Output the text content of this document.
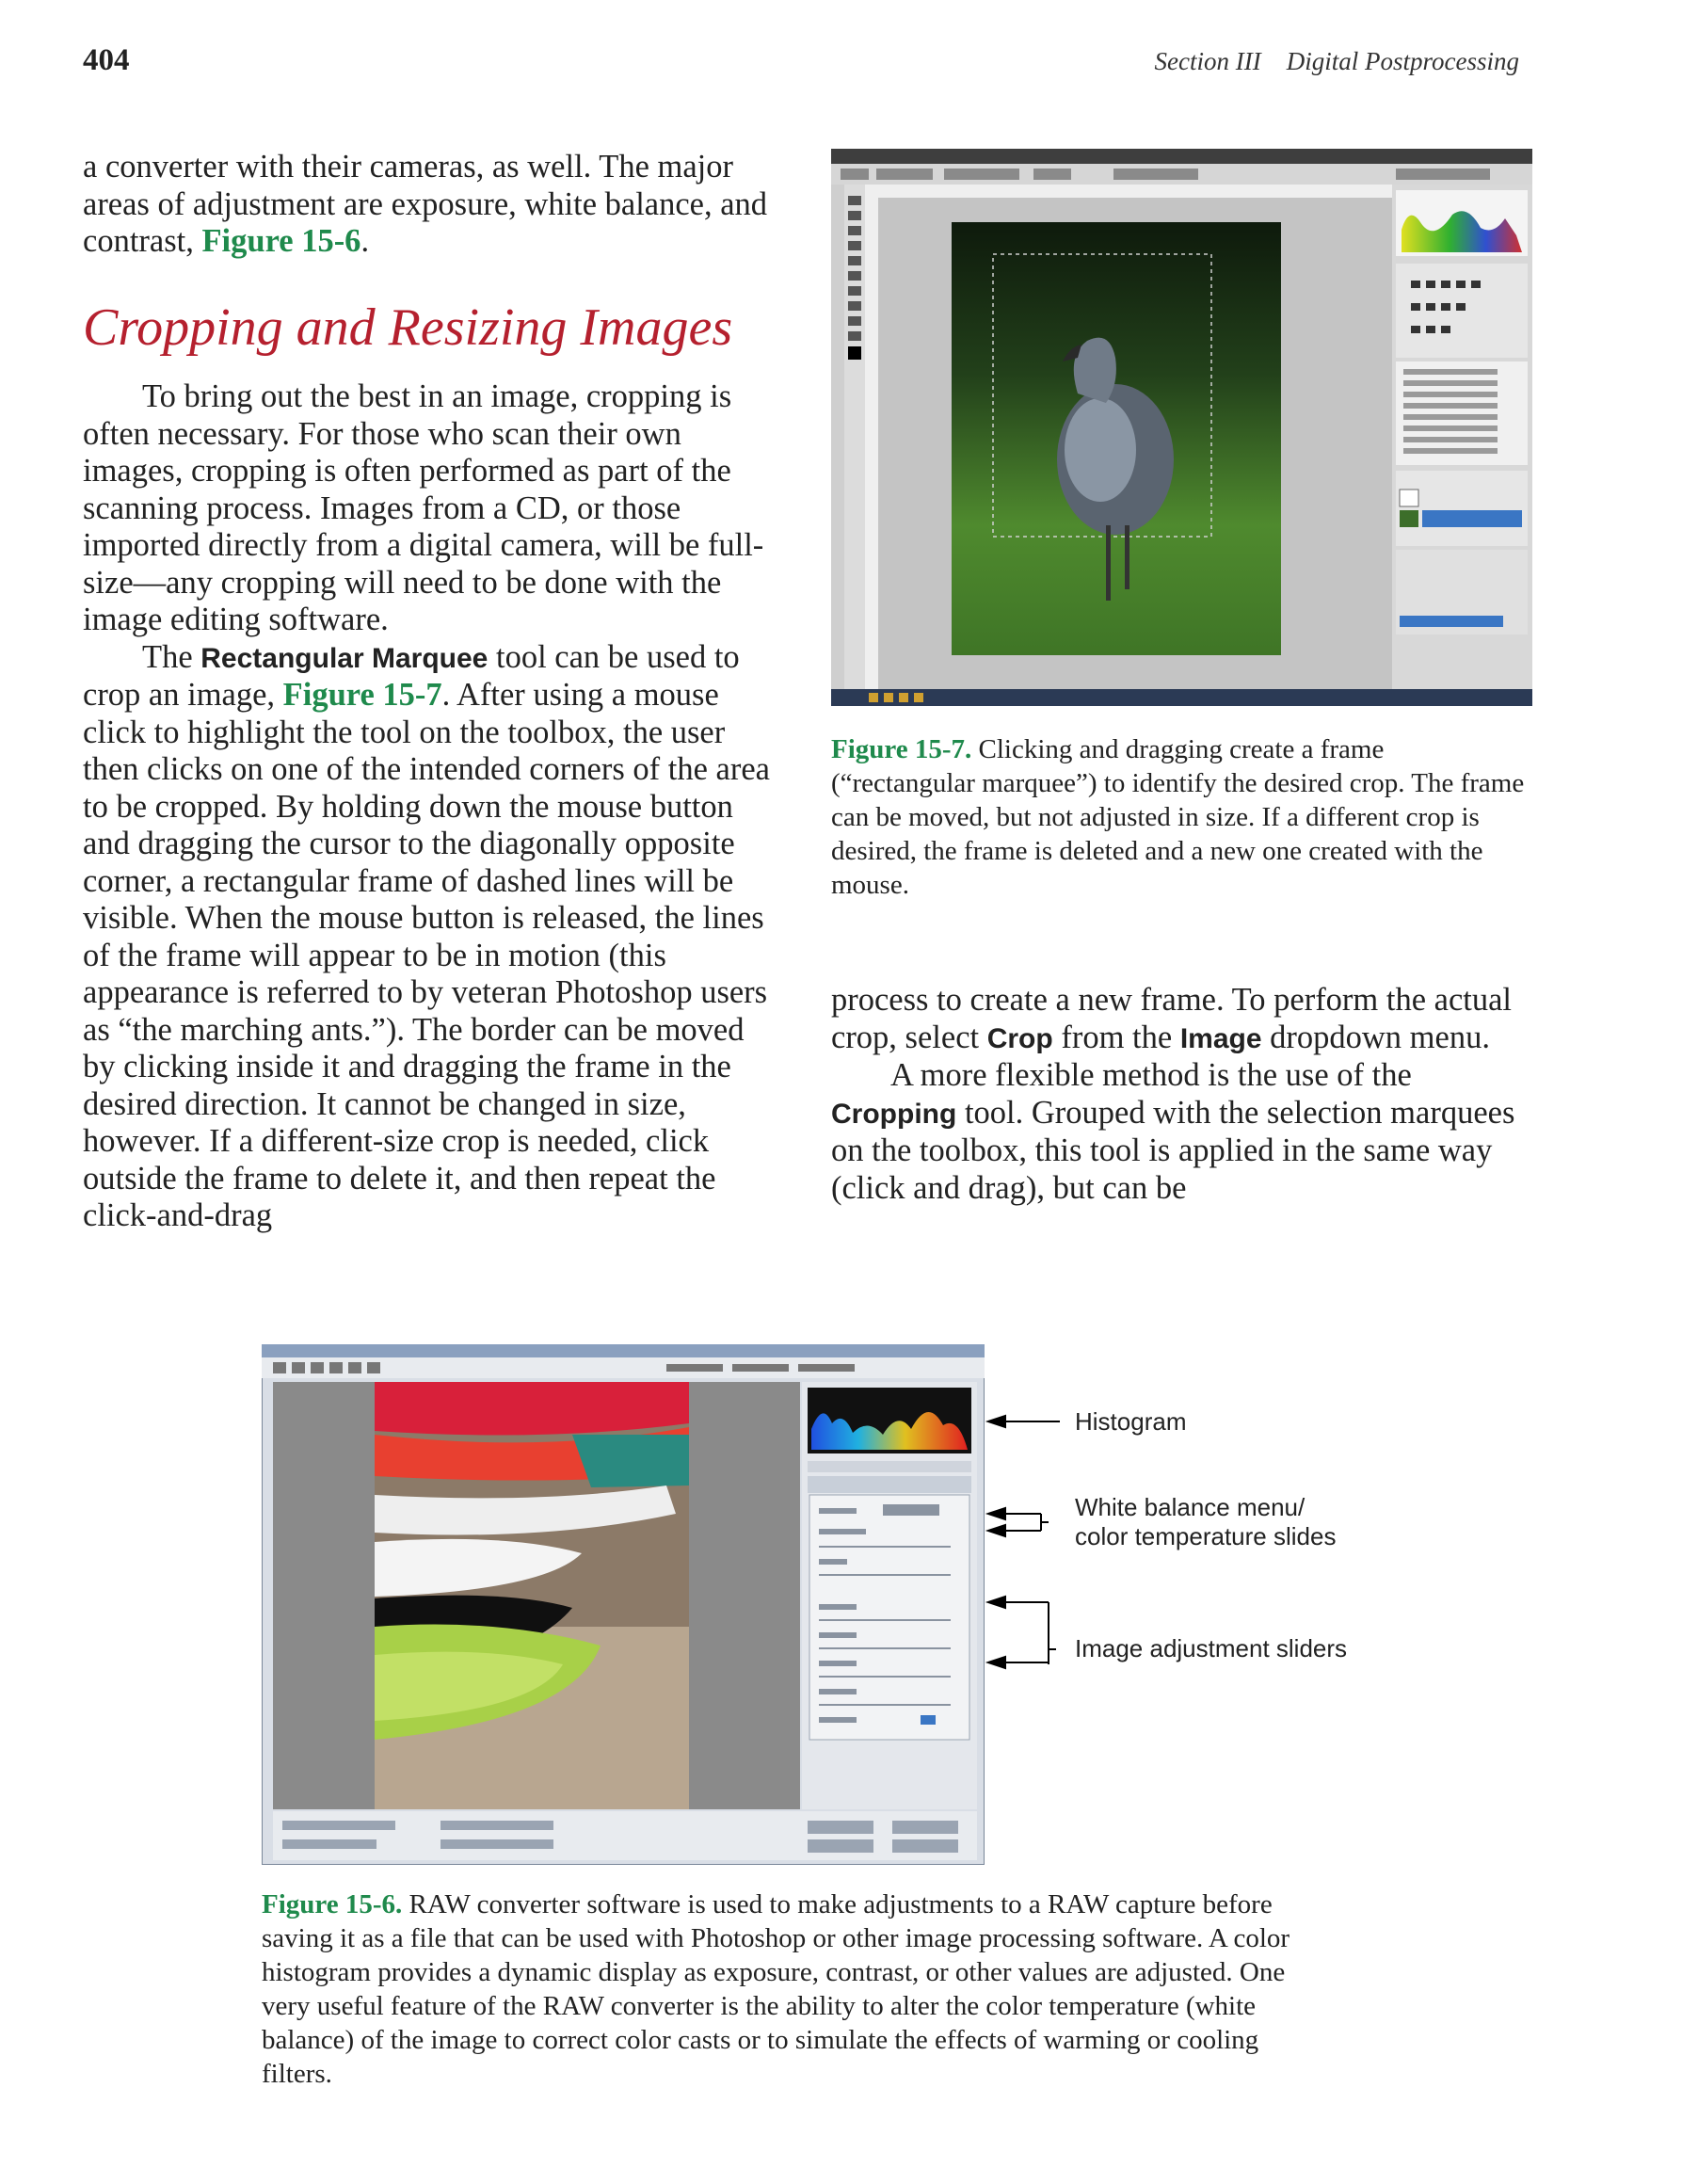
404	Section III    Digital Postprocessing
a converter with their cameras, as well. The major areas of adjustment are exposure, white balance, and contrast, Figure 15-6.
Cropping and Resizing Images

To bring out the best in an image, cropping is often necessary. For those who scan their own images, cropping is often performed as part of the scanning process. Images from a CD, or those imported directly from a digital camera, will be full-size—any cropping will need to be done with the image editing software.

The Rectangular Marquee tool can be used to crop an image, Figure 15-7. After using a mouse click to highlight the tool on the toolbox, the user then clicks on one of the intended corners of the area to be cropped. By holding down the mouse button and dragging the cursor to the diagonally opposite corner, a rectangular frame of dashed lines will be visible. When the mouse button is released, the lines of the frame will appear to be in motion (this appearance is referred to by veteran Photoshop users as “the marching ants.”). The border can be moved by clicking inside it and dragging the frame in the desired direction. It cannot be changed in size, however. If a different-size crop is needed, click outside the frame to delete it, and then repeat the click-and-drag

Figure 15-7. Clicking and dragging create a frame (“rectangular marquee”) to identify the desired crop. The frame can be moved, but not adjusted in size. If a different crop is desired, the frame is deleted and a new one created with the mouse.

process to create a new frame. To perform the actual crop, select Crop from the Image dropdown menu.

A more flexible method is the use of the Cropping tool. Grouped with the selection marquees on the toolbox, this tool is applied in the same way (click and drag), but can be

Histogram
White balance menu/
color temperature slides
Image adjustment sliders
Figure 15-6. RAW converter software is used to make adjustments to a RAW capture before saving it as a file that can be used with Photoshop or other image processing software. A color histogram provides a dynamic display as exposure, contrast, or other values are adjusted. One very useful feature of the RAW converter is the ability to alter the color temperature (white balance) of the image to correct color casts or to simulate the effects of warming or cooling filters.
